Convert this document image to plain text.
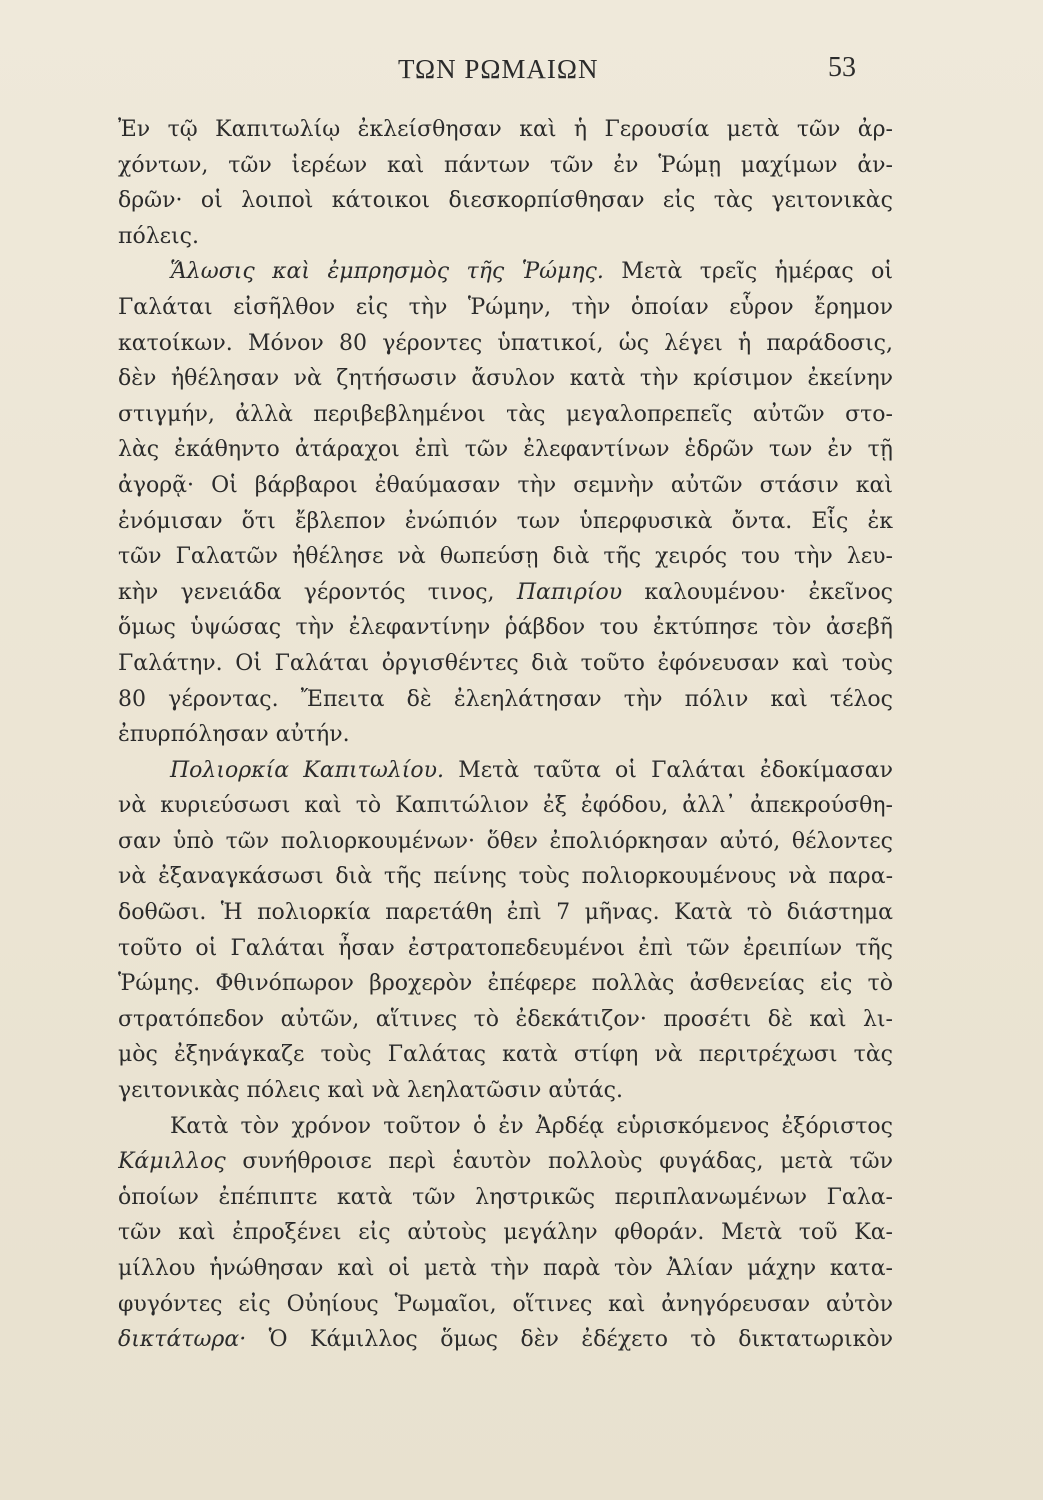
ΤΩΝ ΡΩΜΑΙΩΝ	53
Ἐν τῷ Καπιτωλίῳ ἐκλείσθησαν καὶ ἡ Γερουσία μετὰ τῶν ἀρ-
χόντων, τῶν ἱερέων καὶ πάντων τῶν ἐν Ῥώμῃ μαχίμων ἀν-
δρῶν· οἱ λοιποὶ κάτοικοι διεσκορπίσθησαν εἰς τὰς γειτονικὰς
πόλεις.
Ἅλωσις καὶ ἐμπρησμὸς τῆς Ῥώμης. Μετὰ τρεῖς ἡμέρας οἱ
Γαλάται εἰσῆλθον εἰς τὴν Ῥώμην, τὴν ὁποίαν εὗρον ἔρημον
κατοίκων. Μόνον 80 γέροντες ὑπατικοί, ὡς λέγει ἡ παράδοσις,
δὲν ἠθέλησαν νὰ ζητήσωσιν ἄσυλον κατὰ τὴν κρίσιμον ἐκείνην
στιγμήν, ἀλλὰ περιβεβλημένοι τὰς μεγαλοπρεπεῖς αὐτῶν στο-
λὰς ἐκάθηντο ἀτάραχοι ἐπὶ τῶν ἐλεφαντίνων ἑδρῶν των ἐν τῇ
ἀγορᾷ· Οἱ βάρβαροι ἐθαύμασαν τὴν σεμνὴν αὐτῶν στάσιν καὶ
ἐνόμισαν ὅτι ἔβλεπον ἐνώπιόν των ὑπερφυσικὰ ὄντα. Εἷς ἐκ
τῶν Γαλατῶν ἠθέλησε νὰ θωπεύσῃ διὰ τῆς χειρός του τὴν λευ-
κὴν γενειάδα γέροντός τινος, Παπιρίου καλουμένου· ἐκεῖνος
ὅμως ὑψώσας τὴν ἐλεφαντίνην ῥάβδον του ἐκτύπησε τὸν ἀσεβῆ
Γαλάτην. Οἱ Γαλάται ὀργισθέντες διὰ τοῦτο ἐφόνευσαν καὶ τοὺς
80 γέροντας. Ἔπειτα δὲ ἐλεηλάτησαν τὴν πόλιν καὶ τέλος
ἐπυρπόλησαν αὐτήν.
Πολιορκία Καπιτωλίου. Μετὰ ταῦτα οἱ Γαλάται ἐδοκίμασαν
νὰ κυριεύσωσι καὶ τὸ Καπιτώλιον ἐξ ἐφόδου, ἀλλ᾽ ἀπεκρούσθη-
σαν ὑπὸ τῶν πολιορκουμένων· ὅθεν ἐπολιόρκησαν αὐτό, θέλοντες
νὰ ἐξαναγκάσωσι διὰ τῆς πείνης τοὺς πολιορκουμένους νὰ παρα-
δοθῶσι. Ἡ πολιορκία παρετάθη ἐπὶ 7 μῆνας. Κατὰ τὸ διάστημα
τοῦτο οἱ Γαλάται ἦσαν ἐστρατοπεδευμένοι ἐπὶ τῶν ἐρειπίων τῆς
Ῥώμης. Φθινόπωρον βροχερὸν ἐπέφερε πολλὰς ἀσθενείας εἰς τὸ
στρατόπεδον αὐτῶν, αἵτινες τὸ ἐδεκάτιζον· προσέτι δὲ καὶ λι-
μὸς ἐξηνάγκαζε τοὺς Γαλάτας κατὰ στίφη νὰ περιτρέχωσι τὰς
γειτονικὰς πόλεις καὶ νὰ λεηλατῶσιν αὐτάς.
Κατὰ τὸν χρόνον τοῦτον ὁ ἐν Ἀρδέᾳ εὑρισκόμενος ἐξόριστος
Κάμιλλος συνήθροισε περὶ ἑαυτὸν πολλοὺς φυγάδας, μετὰ τῶν
ὁποίων ἐπέπιπτε κατὰ τῶν ληστρικῶς περιπλανωμένων Γαλα-
τῶν καὶ ἐπροξένει εἰς αὐτοὺς μεγάλην φθοράν. Μετὰ τοῦ Κα-
μίλλου ἡνώθησαν καὶ οἱ μετὰ τὴν παρὰ τὸν Ἀλίαν μάχην κατα-
φυγόντες εἰς Οὐηίους Ῥωμαῖοι, οἵτινες καὶ ἀνηγόρευσαν αὐτὸν
δικτάτωρα· Ὁ Κάμιλλος ὅμως δὲν ἐδέχετο τὸ δικτατωρικὸν
